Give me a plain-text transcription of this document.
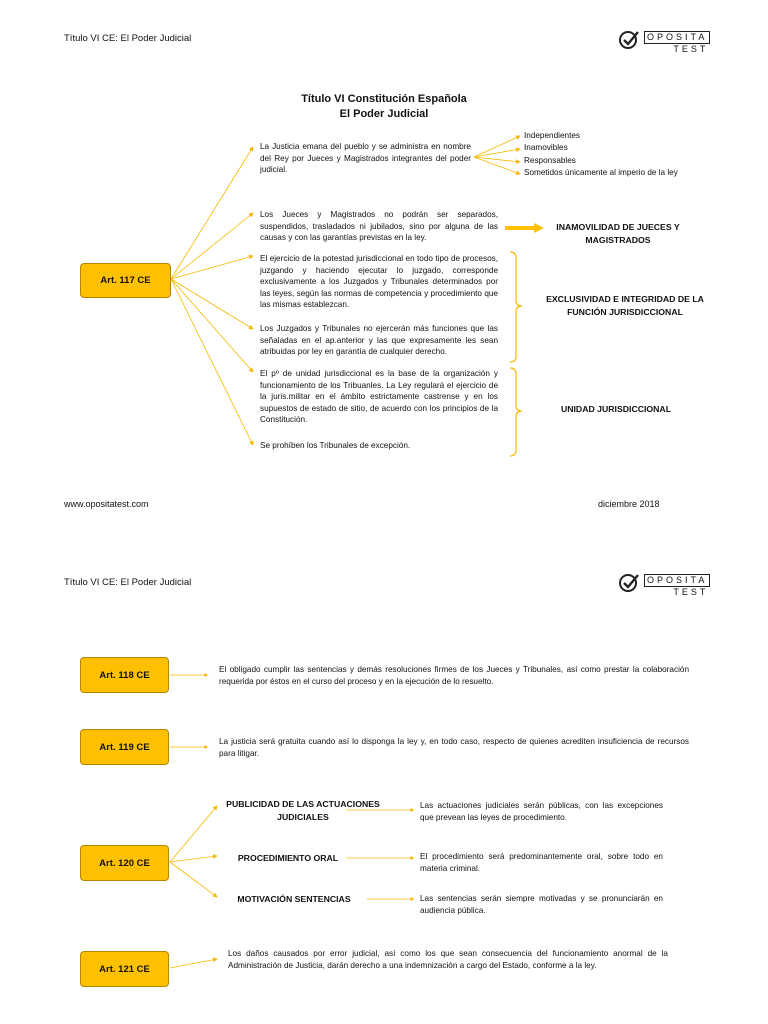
Título VI CE: El Poder Judicial	OPOSITA
TEST
Título VI Constitución Española
El Poder Judicial
Art. 117 CE
La Justicia emana del pueblo y se administra en nombre del Rey por Jueces y Magistrados integrantes del poder judicial.
Independientes
Inamovibles
Responsables
Sometidos únicamente al imperio de la ley
Los Jueces y Magistrados no podrán ser separados, suspendidos, trasladados ni jubilados, sino por alguna de las causas y con las garantías previstas en la ley.
INAMOVILIDAD DE JUECES Y MAGISTRADOS
El ejercicio de la potestad jurisdiccional en todo tipo de procesos, juzgando y haciendo ejecutar lo juzgado, corresponde exclusivamente a los Juzgados y Tribunales determinados por las leyes, según las normas de competencia y procedimiento que las mismas establezcan.
Los Juzgados y Tribunales no ejercerán más funciones que las señaladas en el ap.anterior y las que expresamente les sean atribuidas por ley en garantía de cualquier derecho.
EXCLUSIVIDAD E INTEGRIDAD DE LA FUNCIÓN JURISDICCIONAL
El pº de unidad jurisdiccional es la base de la organización y funcionamiento de los Tribuanles. La Ley regulará el ejercicio de la juris.militar en el ámbito estrictamente castrense y en los supuestos de estado de sitio, de acuerdo con los principios de la Constitución.
Se prohíben los Tribunales de excepción.
UNIDAD JURISDICCIONAL
www.opositatest.com	diciembre 2018
Título VI CE: El Poder Judicial	OPOSITA
TEST
Art. 118 CE	El obligado cumplir las sentencias y demás resoluciones firmes de los Jueces y Tribunales, así como prestar la colaboración requerida por éstos en el curso del proceso y en la ejecución de lo resuelto.
Art. 119 CE	La justicia será gratuita cuando así lo disponga la ley y, en todo caso, respecto de quienes acrediten insuficiencia de recursos para litigar.
Art. 120 CE
PUBLICIDAD DE LAS ACTUACIONES JUDICIALES
Las actuaciones judiciales serán públicas, con las excepciones que prevean las leyes de procedimiento.
PROCEDIMIENTO ORAL	El procedimiento será predominantemente oral, sobre todo en materia criminal.
MOTIVACIÓN SENTENCIAS	Las sentencias serán siempre motivadas y se pronunciarán en audiencia pública.
Art. 121 CE
Los daños causados por error judicial, así como los que sean consecuencia del funcionamiento anormal de la Administración de Justicia, darán derecho a una indemnización a cargo del Estado, conforme a la ley.
